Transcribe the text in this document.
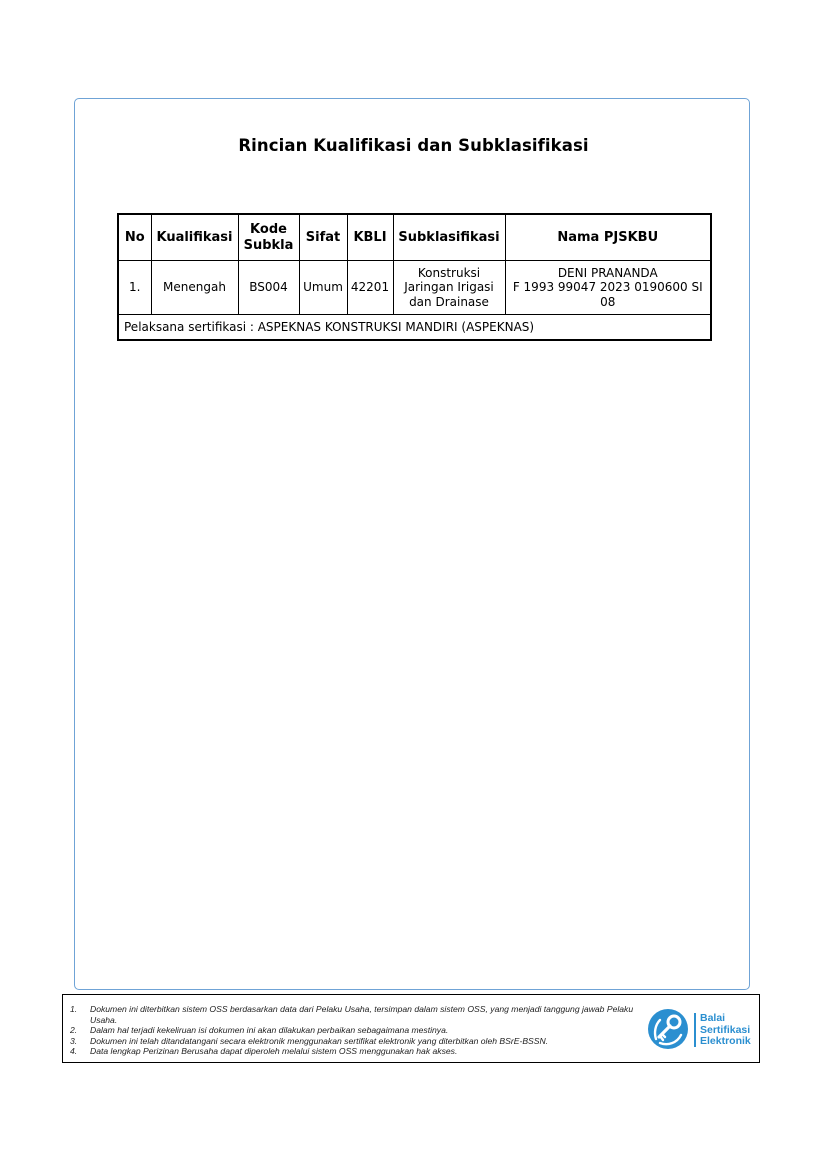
Rincian Kualifikasi dan Subklasifikasi
No	Kualifikasi	Kode
Subkla	Sifat	KBLI	Subklasifikasi	Nama PJSKBU
1.	Menengah	BS004	Umum	42201	Konstruksi
Jaringan Irigasi
dan Drainase	DENI PRANANDA
F 1993 99047 2023 0190600 SI 08
Pelaksana sertifikasi : ASPEKNAS KONSTRUKSI MANDIRI (ASPEKNAS)						
1. Dokumen ini diterbitkan sistem OSS berdasarkan data dari Pelaku Usaha, tersimpan dalam sistem OSS, yang menjadi tanggung jawab Pelaku Usaha.
2. Dalam hal terjadi kekeliruan isi dokumen ini akan dilakukan perbaikan sebagaimana mestinya.
3. Dokumen ini telah ditandatangani secara elektronik menggunakan sertifikat elektronik yang diterbitkan oleh BSrE-BSSN.
4. Data lengkap Perizinan Berusaha dapat diperoleh melalui sistem OSS menggunakan hak akses.
Balai
Sertifikasi
Elektronik
